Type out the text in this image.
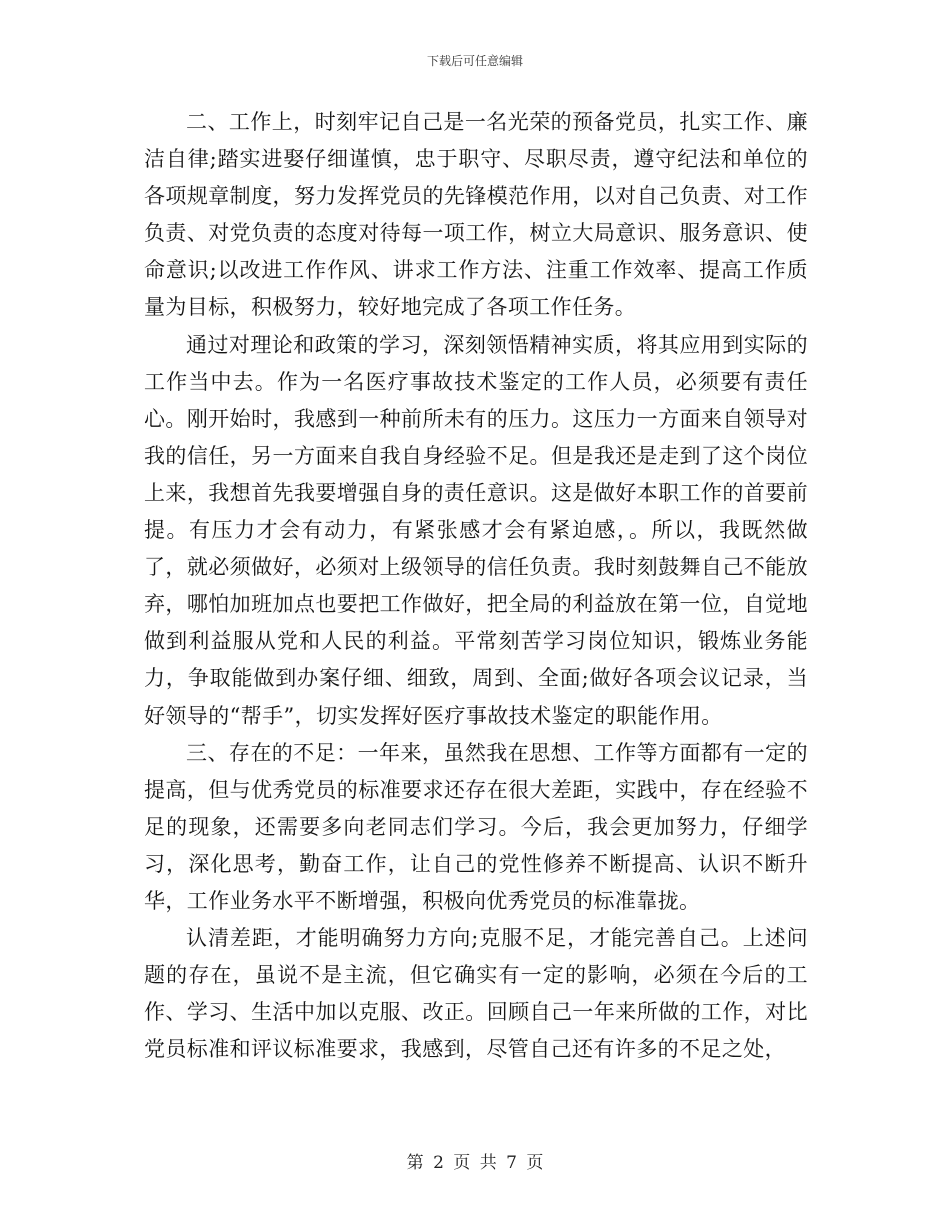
下载后可任意编辑

二、工作上，时刻牢记自己是一名光荣的预备党员，扎实工作、廉洁自律;踏实进娶仔细谨慎，忠于职守、尽职尽责，遵守纪法和单位的各项规章制度，努力发挥党员的先锋模范作用，以对自己负责、对工作负责、对党负责的态度对待每一项工作，树立大局意识、服务意识、使命意识;以改进工作作风、讲求工作方法、注重工作效率、提高工作质量为目标，积极努力，较好地完成了各项工作任务。

通过对理论和政策的学习，深刻领悟精神实质，将其应用到实际的工作当中去。作为一名医疗事故技术鉴定的工作人员，必须要有责任心。刚开始时，我感到一种前所未有的压力。这压力一方面来自领导对我的信任，另一方面来自我自身经验不足。但是我还是走到了这个岗位上来，我想首先我要增强自身的责任意识。这是做好本职工作的首要前提。有压力才会有动力，有紧张感才会有紧迫感，。所以，我既然做了，就必须做好，必须对上级领导的信任负责。我时刻鼓舞自己不能放弃，哪怕加班加点也要把工作做好，把全局的利益放在第一位，自觉地做到利益服从党和人民的利益。平常刻苦学习岗位知识，锻炼业务能力，争取能做到办案仔细、细致，周到、全面;做好各项会议记录，当好领导的“帮手”，切实发挥好医疗事故技术鉴定的职能作用。

三、存在的不足：一年来，虽然我在思想、工作等方面都有一定的提高，但与优秀党员的标准要求还存在很大差距，实践中，存在经验不足的现象，还需要多向老同志们学习。今后，我会更加努力，仔细学习，深化思考，勤奋工作，让自己的党性修养不断提高、认识不断升华，工作业务水平不断增强，积极向优秀党员的标准靠拢。

认清差距，才能明确努力方向;克服不足，才能完善自己。上述问题的存在，虽说不是主流，但它确实有一定的影响，必须在今后的工作、学习、生活中加以克服、改正。回顾自己一年来所做的工作，对比党员标准和评议标准要求，我感到，尽管自己还有许多的不足之处，

第 2 页 共 7 页
